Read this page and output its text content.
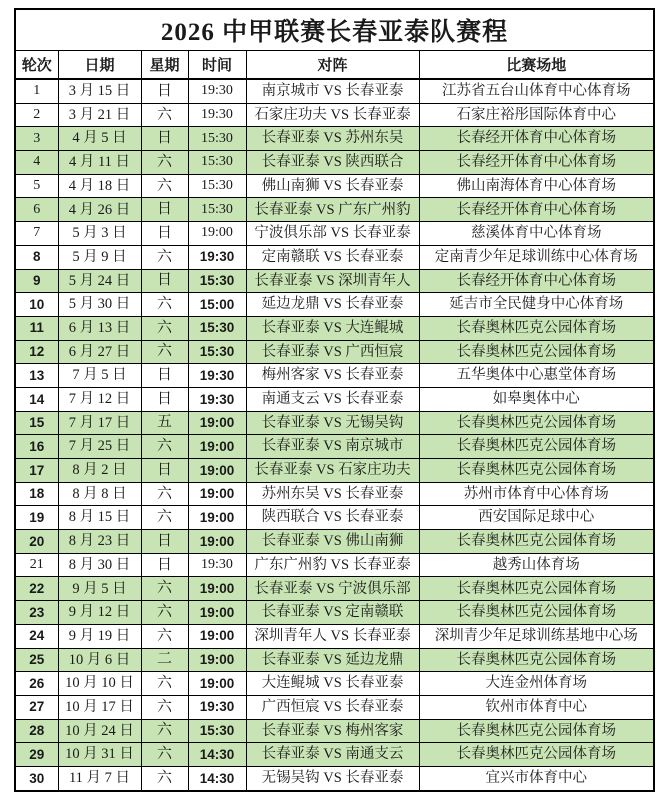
2026 中甲联赛长春亚泰队赛程					
轮次	日期	星期	时间	对阵	比赛场地
1	3 月 15 日	日	19:30	南京城市 VS 长春亚泰	江苏省五台山体育中心体育场
2	3 月 21 日	六	19:30	石家庄功夫 VS 长春亚泰	石家庄裕彤国际体育中心
3	4 月 5 日	日	15:30	长春亚泰 VS 苏州东吴	长春经开体育中心体育场
4	4 月 11 日	六	15:30	长春亚泰 VS 陕西联合	长春经开体育中心体育场
5	4 月 18 日	六	15:30	佛山南狮 VS 长春亚泰	佛山南海体育中心体育场
6	4 月 26 日	日	15:30	长春亚泰 VS 广东广州豹	长春经开体育中心体育场
7	5 月 3 日	日	19:00	宁波俱乐部 VS 长春亚泰	慈溪体育中心体育场
8	5 月 9 日	六	19:30	定南赣联 VS 长春亚泰	定南青少年足球训练中心体育场
9	5 月 24 日	日	15:30	长春亚泰 VS 深圳青年人	长春经开体育中心体育场
10	5 月 30 日	六	15:00	延边龙鼎 VS 长春亚泰	延吉市全民健身中心体育场
11	6 月 13 日	六	15:30	长春亚泰 VS 大连鲲城	长春奥林匹克公园体育场
12	6 月 27 日	六	15:30	长春亚泰 VS 广西恒宸	长春奥林匹克公园体育场
13	7 月 5 日	日	19:30	梅州客家 VS 长春亚泰	五华奥体中心惠堂体育场
14	7 月 12 日	日	19:30	南通支云 VS 长春亚泰	如皋奥体中心
15	7 月 17 日	五	19:00	长春亚泰 VS 无锡吴钩	长春奥林匹克公园体育场
16	7 月 25 日	六	19:00	长春亚泰 VS 南京城市	长春奥林匹克公园体育场
17	8 月 2 日	日	19:00	长春亚泰 VS 石家庄功夫	长春奥林匹克公园体育场
18	8 月 8 日	六	19:00	苏州东吴 VS 长春亚泰	苏州市体育中心体育场
19	8 月 15 日	六	19:00	陕西联合 VS 长春亚泰	西安国际足球中心
20	8 月 23 日	日	19:00	长春亚泰 VS 佛山南狮	长春奥林匹克公园体育场
21	8 月 30 日	日	19:30	广东广州豹 VS 长春亚泰	越秀山体育场
22	9 月 5 日	六	19:00	长春亚泰 VS 宁波俱乐部	长春奥林匹克公园体育场
23	9 月 12 日	六	19:00	长春亚泰 VS 定南赣联	长春奥林匹克公园体育场
24	9 月 19 日	六	19:00	深圳青年人 VS 长春亚泰	深圳青少年足球训练基地中心场
25	10 月 6 日	二	19:00	长春亚泰 VS 延边龙鼎	长春奥林匹克公园体育场
26	10 月 10 日	六	19:00	大连鲲城 VS 长春亚泰	大连金州体育场
27	10 月 17 日	六	19:30	广西恒宸 VS 长春亚泰	钦州市体育中心
28	10 月 24 日	六	15:30	长春亚泰 VS 梅州客家	长春奥林匹克公园体育场
29	10 月 31 日	六	14:30	长春亚泰 VS 南通支云	长春奥林匹克公园体育场
30	11 月 7 日	六	14:30	无锡吴钩 VS 长春亚泰	宜兴市体育中心
